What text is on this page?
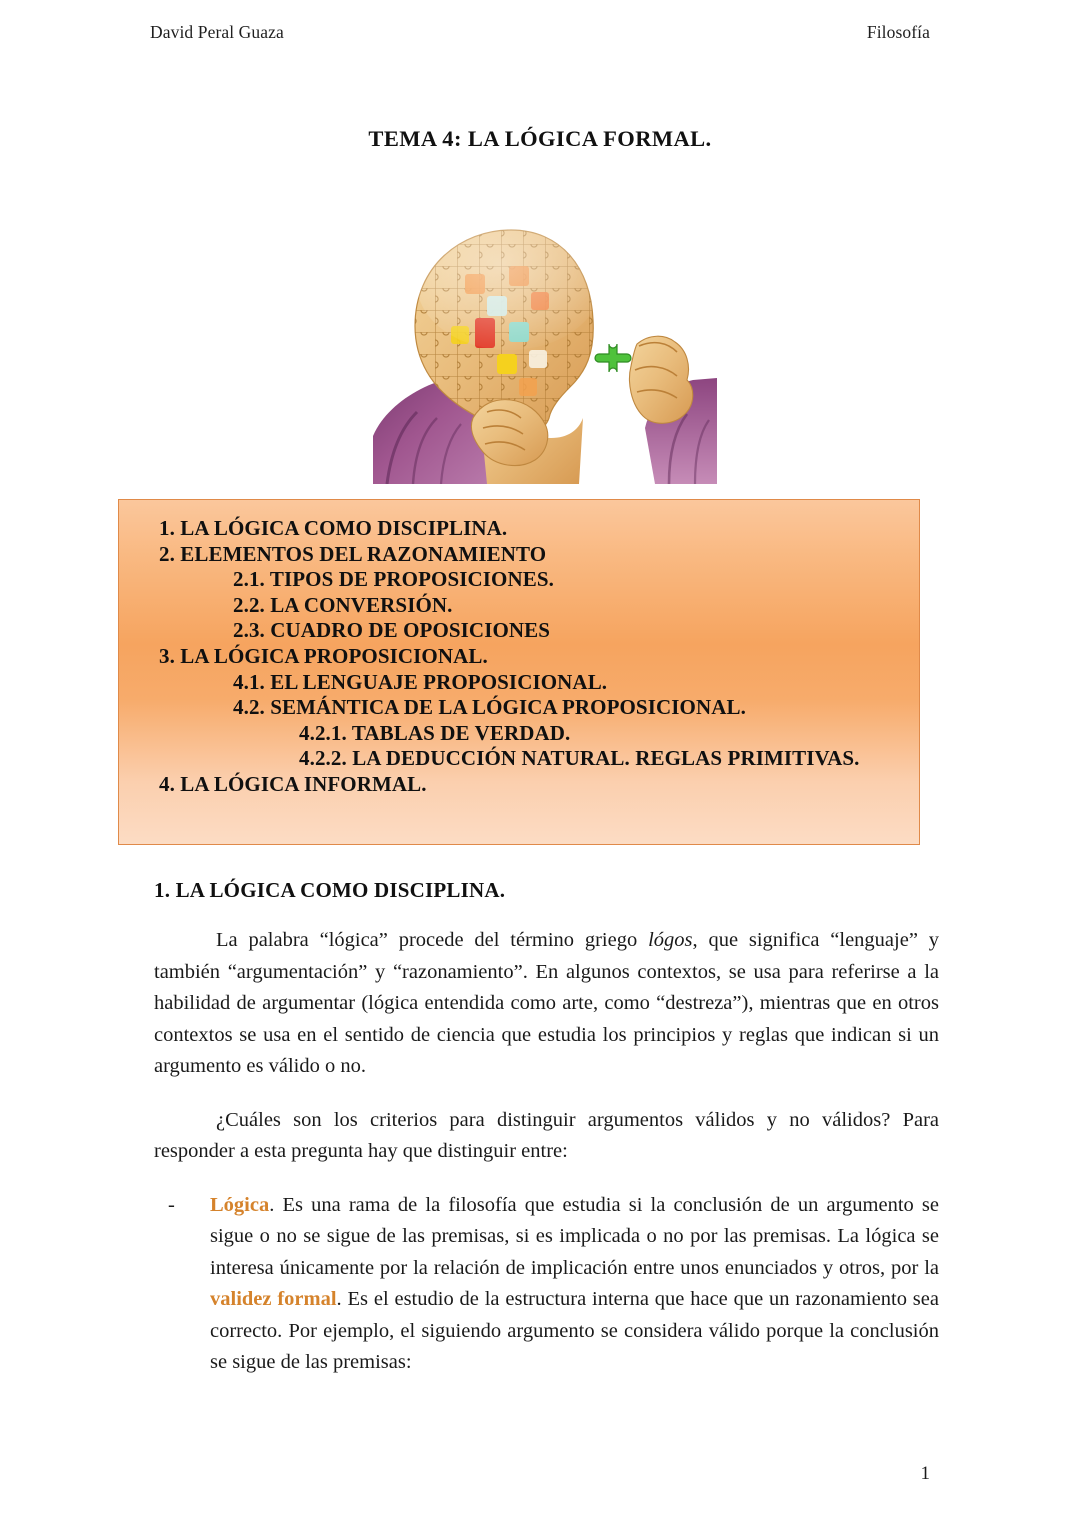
David Peral Guaza	Filosofía
TEMA 4: LA LÓGICA FORMAL.
1. LA LÓGICA COMO DISCIPLINA.
2. ELEMENTOS DEL RAZONAMIENTO
2.1. TIPOS DE PROPOSICIONES.
2.2. LA CONVERSIÓN.
2.3. CUADRO DE OPOSICIONES
3. LA LÓGICA PROPOSICIONAL.
4.1. EL LENGUAJE PROPOSICIONAL.
4.2. SEMÁNTICA DE LA LÓGICA PROPOSICIONAL.
4.2.1. TABLAS DE VERDAD.
4.2.2. LA DEDUCCIÓN NATURAL. REGLAS PRIMITIVAS.
4. LA LÓGICA INFORMAL.
1. LA LÓGICA COMO DISCIPLINA.

La palabra “lógica” procede del término griego lógos, que significa “lenguaje” y también “argumentación” y “razonamiento”. En algunos contextos, se usa para referirse a la habilidad de argumentar (lógica entendida como arte, como “destreza”), mientras que en otros contextos se usa en el sentido de ciencia que estudia los principios y reglas que indican si un argumento es válido o no.

¿Cuáles son los criterios para distinguir argumentos válidos y no válidos? Para responder a esta pregunta hay que distinguir entre:

- Lógica. Es una rama de la filosofía que estudia si la conclusión de un argumento se sigue o no se sigue de las premisas, si es implicada o no por las premisas. La lógica se interesa únicamente por la relación de implicación entre unos enunciados y otros, por la validez formal. Es el estudio de la estructura interna que hace que un razonamiento sea correcto. Por ejemplo, el siguiendo argumento se considera válido porque la conclusión se sigue de las premisas:
1
